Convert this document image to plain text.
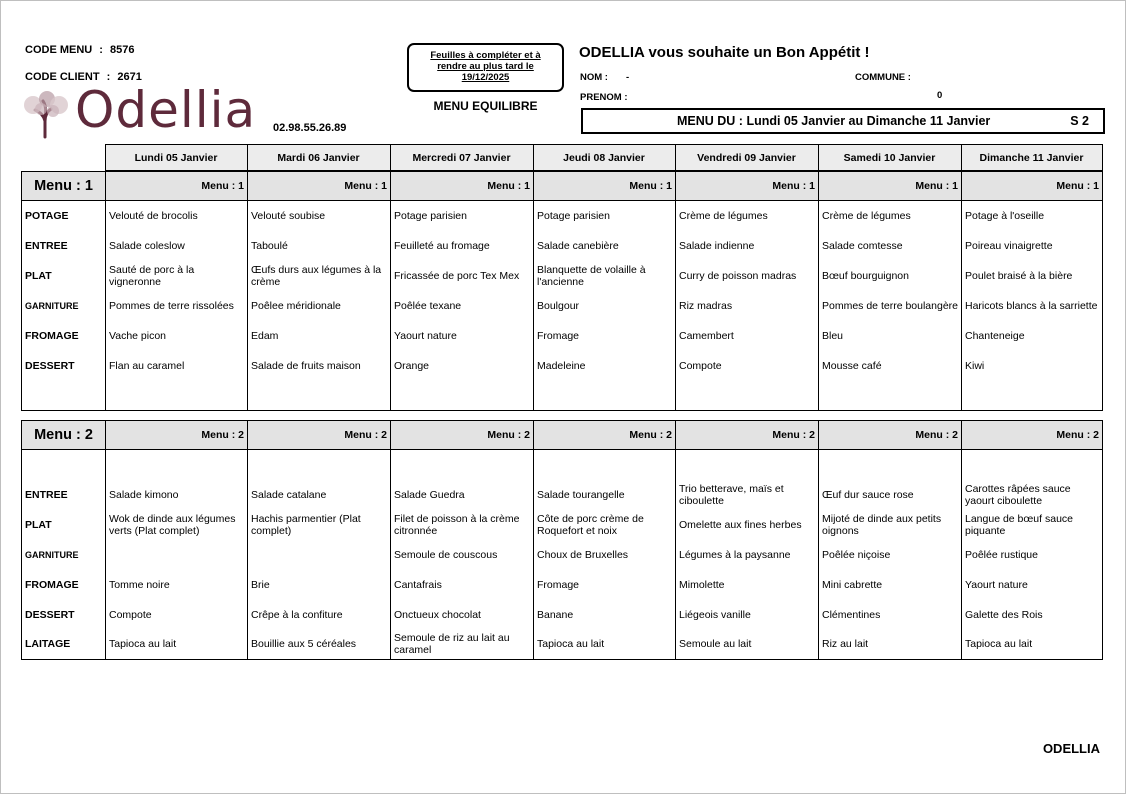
CODE MENU : 8576
CODE CLIENT : 2671
Odellia 02.98.55.26.89
Feuilles à compléter et à
rendre au plus tard le
19/12/2025
MENU EQUILIBRE
ODELLIA vous souhaite un Bon Appétit !
NOM : -	COMMUNE :
PRENOM :	0
MENU DU : Lundi 05 Janvier au Dimanche 11 Janvier	S 2
	Lundi 05 Janvier	Mardi 06 Janvier	Mercredi 07 Janvier	Jeudi 08 Janvier	Vendredi 09 Janvier	Samedi 10 Janvier	Dimanche 11 Janvier
Menu : 1	Menu : 1	Menu : 1	Menu : 1	Menu : 1	Menu : 1	Menu : 1	Menu : 1
POTAGE	Velouté de brocolis	Velouté soubise	Potage parisien	Potage parisien	Crème de légumes	Crème de légumes	Potage à l'oseille
ENTREE	Salade coleslow	Taboulé	Feuilleté au fromage	Salade canebière	Salade indienne	Salade comtesse	Poireau vinaigrette
PLAT	Sauté de porc à la vigneronne	Œufs durs aux légumes à la crème	Fricassée de porc Tex Mex	Blanquette de volaille à l'ancienne	Curry de poisson madras	Bœuf bourguignon	Poulet braisé à la bière
GARNITURE	Pommes de terre rissolées	Poêlee méridionale	Poêlée texane	Boulgour	Riz madras	Pommes de terre boulangère	Haricots blancs à la sarriette
FROMAGE	Vache picon	Edam	Yaourt nature	Fromage	Camembert	Bleu	Chanteneige
DESSERT	Flan au caramel	Salade de fruits maison	Orange	Madeleine	Compote	Mousse café	Kiwi

Menu : 2	Menu : 2	Menu : 2	Menu : 2	Menu : 2	Menu : 2	Menu : 2	Menu : 2

ENTREE	Salade kimono	Salade catalane	Salade Guedra	Salade tourangelle	Trio betterave, maïs et ciboulette	Œuf dur sauce rose	Carottes râpées sauce yaourt ciboulette
PLAT	Wok de dinde aux légumes verts (Plat complet)	Hachis parmentier (Plat complet)	Filet de poisson à la crème citronnée	Côte de porc crème de Roquefort et noix	Omelette aux fines herbes	Mijoté de dinde aux petits oignons	Langue de bœuf sauce piquante
GARNITURE			Semoule de couscous	Choux de Bruxelles	Légumes à la paysanne	Poêlée niçoise	Poêlée rustique
FROMAGE	Tomme noire	Brie	Cantafrais	Fromage	Mimolette	Mini cabrette	Yaourt nature
DESSERT	Compote	Crêpe à la confiture	Onctueux chocolat	Banane	Liégeois vanille	Clémentines	Galette des Rois
LAITAGE	Tapioca au lait	Bouillie aux 5 céréales	Semoule de riz au lait au caramel	Tapioca au lait	Semoule au lait	Riz au lait	Tapioca au lait
ODELLIA
